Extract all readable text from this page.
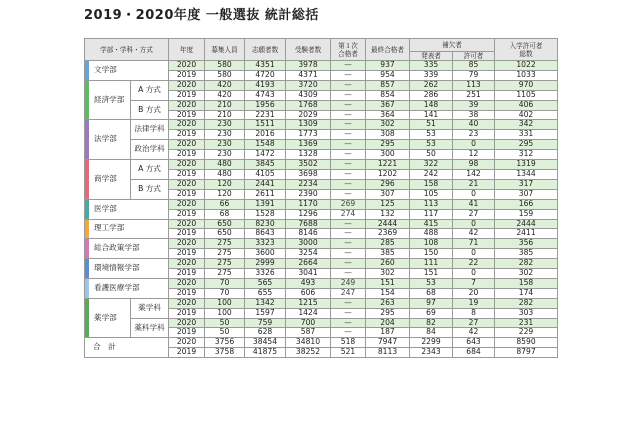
2019・2020年度 一般選抜 統計総括
学部・学科・方式		年度	募集人員	志願者数	受験者数	第１次
合格者	最終合格者	補欠者		入学許可者
総数
								発表者	許可者	
文学部		2020	580	4351	3978	—	937	335	85	1022
		2019	580	4720	4371	—	954	339	79	1033
経済学部	A 方式	2020	420	4193	3720	—	857	262	113	970
		2019	420	4743	4309	—	854	286	251	1105
	B 方式	2020	210	1956	1768	—	367	148	39	406
		2019	210	2231	2029	—	364	141	38	402
法学部	法律学科	2020	230	1511	1309	—	302	51	40	342
		2019	230	2016	1773	—	308	53	23	331
	政治学科	2020	230	1548	1369	—	295	53	0	295
		2019	230	1472	1328	—	300	50	12	312
商学部	A 方式	2020	480	3845	3502	—	1221	322	98	1319
		2019	480	4105	3698	—	1202	242	142	1344
	B 方式	2020	120	2441	2234	—	296	158	21	317
		2019	120	2611	2390	—	307	105	0	307
医学部		2020	66	1391	1170	269	125	113	41	166
		2019	68	1528	1296	274	132	117	27	159
理工学部		2020	650	8230	7688	—	2444	415	0	2444
		2019	650	8643	8146	—	2369	488	42	2411
総合政策学部		2020	275	3323	3000	—	285	108	71	356
		2019	275	3600	3254	—	385	150	0	385
環境情報学部		2020	275	2999	2664	—	260	111	22	282
		2019	275	3326	3041	—	302	151	0	302
看護医療学部		2020	70	565	493	249	151	53	7	158
		2019	70	655	606	247	154	68	20	174
薬学部	薬学科	2020	100	1342	1215	—	263	97	19	282
		2019	100	1597	1424	—	295	69	8	303
	薬科学科	2020	50	759	700	—	204	82	27	231
		2019	50	628	587	—	187	84	42	229
合　計		2020	3756	38454	34810	518	7947	2299	643	8590
		2019	3758	41875	38252	521	8113	2343	684	8797
